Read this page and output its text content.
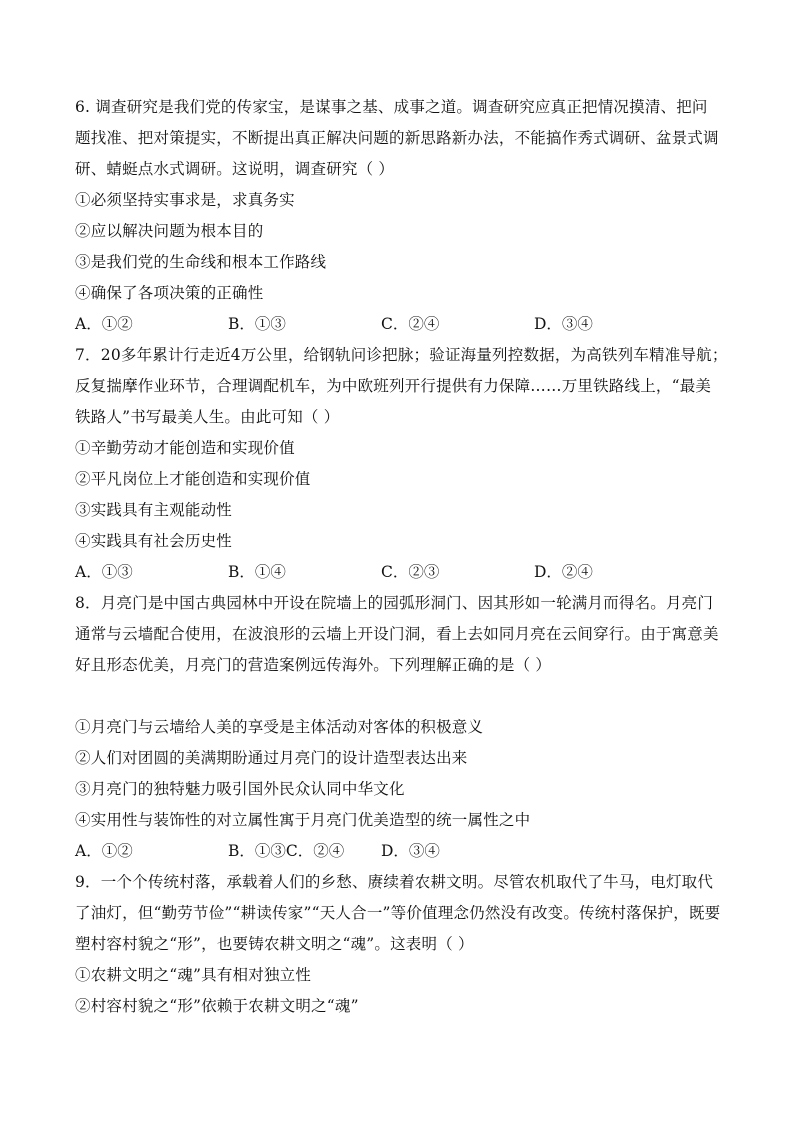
6. 调查研究是我们党的传家宝，是谋事之基、成事之道。调查研究应真正把情况摸清、把问
题找准、把对策提实，不断提出真正解决问题的新思路新办法，不能搞作秀式调研、盆景式调
研、蜻蜓点水式调研。这说明，调查研究（ ）
①必须坚持实事求是，求真务实
②应以解决问题为根本目的
③是我们党的生命线和根本工作路线
④确保了各项决策的正确性
A．①②	B．①③	C．②④	D．③④
7．20多年累计行走近4万公里，给钢轨问诊把脉；验证海量列控数据，为高铁列车精准导航；
反复揣摩作业环节，合理调配机车，为中欧班列开行提供有力保障……万里铁路线上，“最美
铁路人”书写最美人生。由此可知（ ）
①辛勤劳动才能创造和实现价值
②平凡岗位上才能创造和实现价值
③实践具有主观能动性
④实践具有社会历史性
A．①③	B．①④	C．②③	D．②④
8．月亮门是中国古典园林中开设在院墙上的园弧形洞门、因其形如一轮满月而得名。月亮门
通常与云墙配合使用，在波浪形的云墙上开设门洞，看上去如同月亮在云间穿行。由于寓意美
好且形态优美，月亮门的营造案例远传海外。下列理解正确的是（ ）
①月亮门与云墙给人美的享受是主体活动对客体的积极意义
②人们对团圆的美满期盼通过月亮门的设计造型表达出来
③月亮门的独特魅力吸引国外民众认同中华文化
④实用性与装饰性的对立属性寓于月亮门优美造型的统一属性之中
A．①②	B．①③C．②④	D．③④
9．一个个传统村落，承载着人们的乡愁、赓续着农耕文明。尽管农机取代了牛马，电灯取代
了油灯，但“勤劳节俭”“耕读传家”“天人合一”等价值理念仍然没有改变。传统村落保护，既要
塑村容村貌之“形”，也要铸农耕文明之“魂”。这表明（ ）
①农耕文明之“魂”具有相对独立性
②村容村貌之“形”依赖于农耕文明之“魂”
